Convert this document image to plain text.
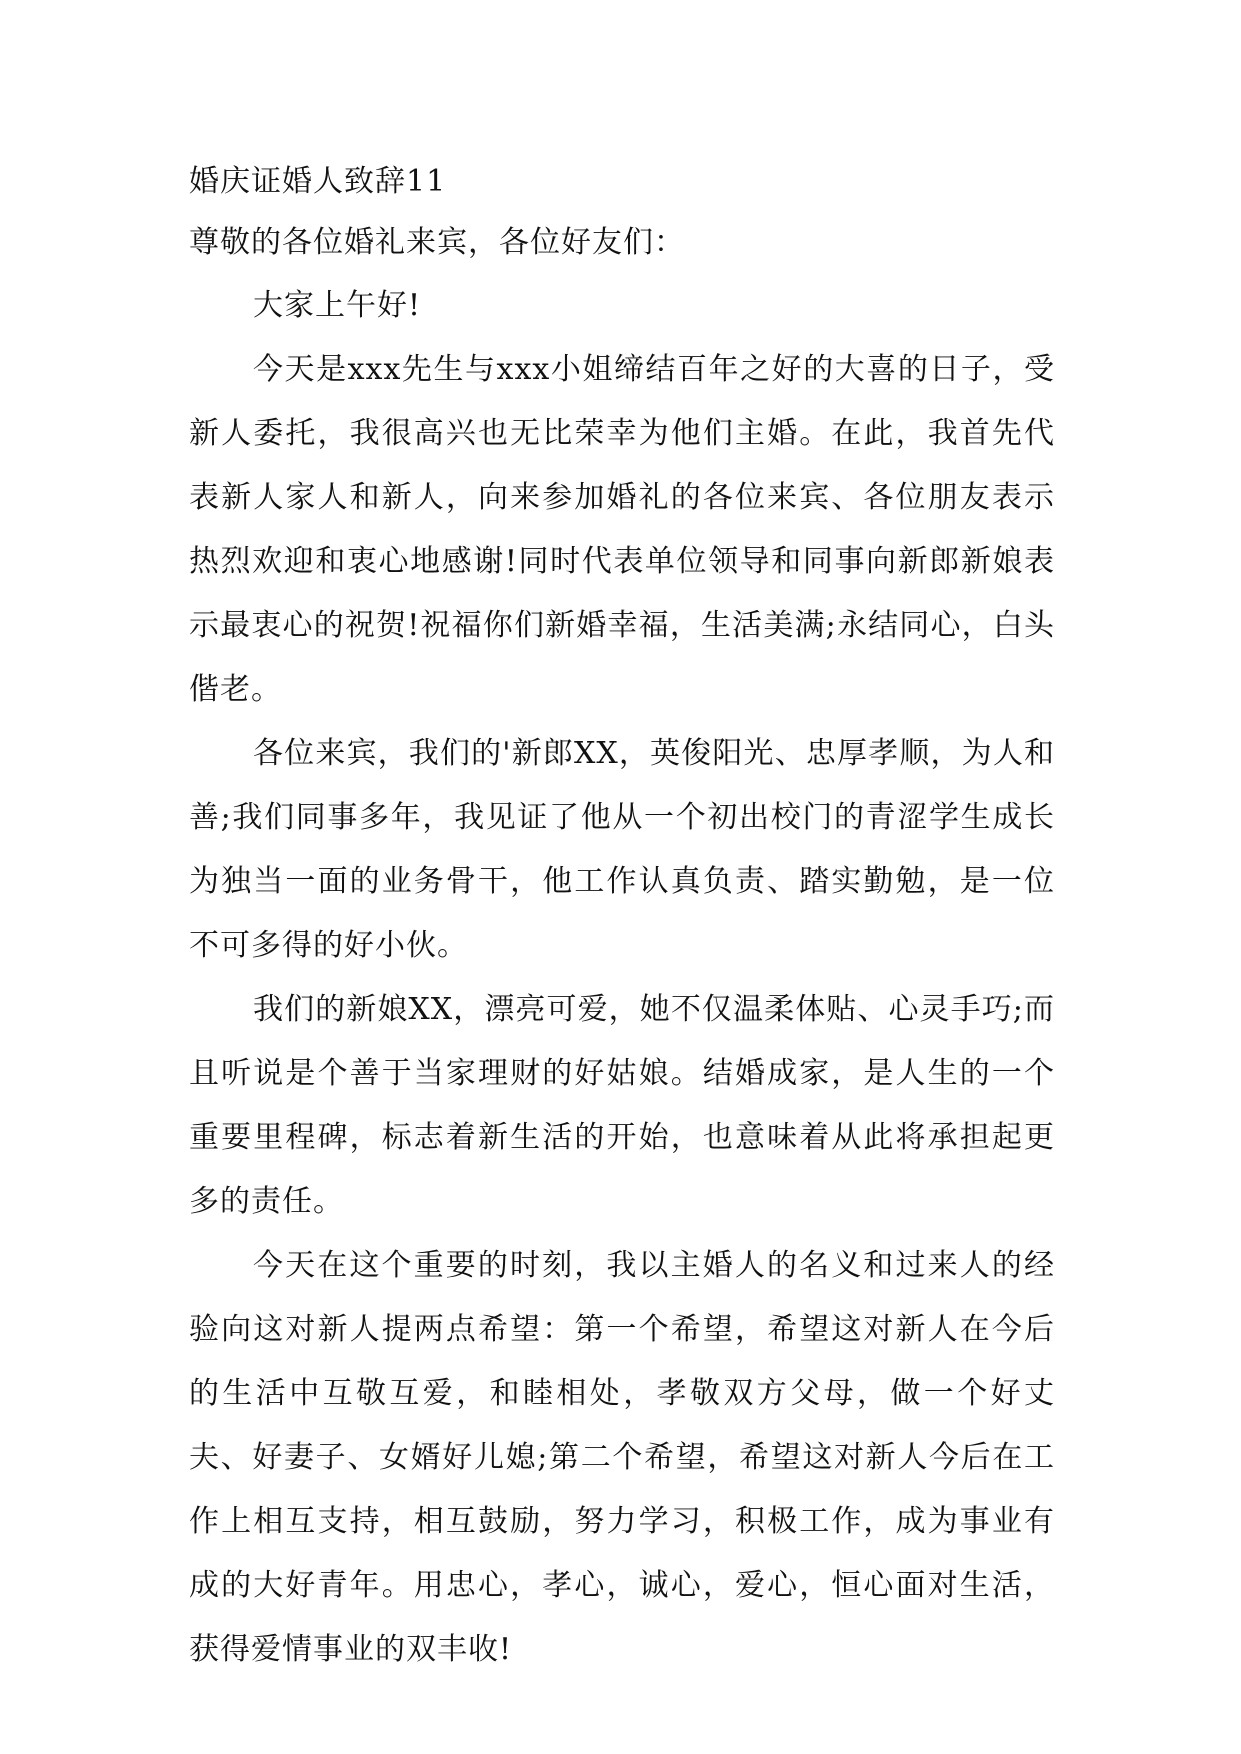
婚庆证婚人致辞11

尊敬的各位婚礼来宾，各位好友们：

大家上午好!

今天是xxx先生与xxx小姐缔结百年之好的大喜的日子，受新人委托，我很高兴也无比荣幸为他们主婚。在此，我首先代表新人家人和新人，向来参加婚礼的各位来宾、各位朋友表示热烈欢迎和衷心地感谢!同时代表单位领导和同事向新郎新娘表示最衷心的祝贺!祝福你们新婚幸福，生活美满;永结同心，白头偕老。

各位来宾，我们的'新郎XX，英俊阳光、忠厚孝顺，为人和善;我们同事多年，我见证了他从一个初出校门的青涩学生成长为独当一面的业务骨干，他工作认真负责、踏实勤勉，是一位不可多得的好小伙。

我们的新娘XX，漂亮可爱，她不仅温柔体贴、心灵手巧;而且听说是个善于当家理财的好姑娘。结婚成家，是人生的一个重要里程碑，标志着新生活的开始，也意味着从此将承担起更多的责任。

今天在这个重要的时刻，我以主婚人的名义和过来人的经验向这对新人提两点希望：第一个希望，希望这对新人在今后的生活中互敬互爱，和睦相处，孝敬双方父母，做一个好丈夫、好妻子、女婿好儿媳;第二个希望，希望这对新人今后在工作上相互支持，相互鼓励，努力学习，积极工作，成为事业有成的大好青年。用忠心，孝心，诚心，爱心，恒心面对生活，获得爱情事业的双丰收!
